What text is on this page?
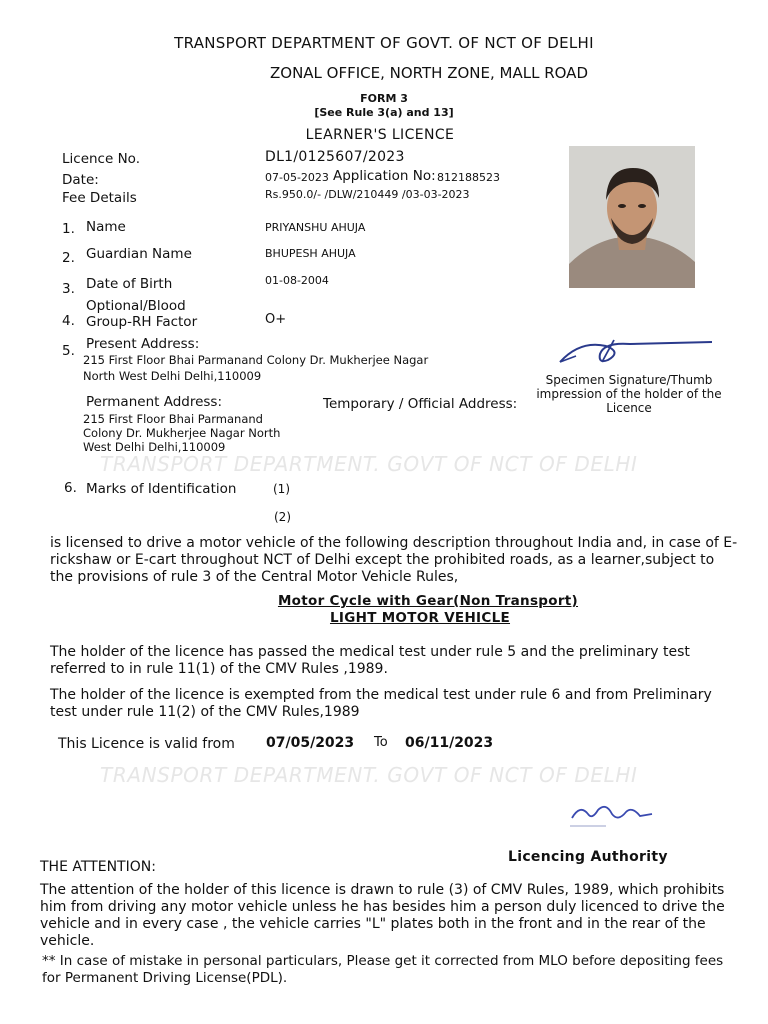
TRANSPORT DEPARTMENT OF GOVT. OF NCT OF DELHI
ZONAL OFFICE, NORTH ZONE, MALL ROAD
FORM 3
[See Rule 3(a) and 13]
LEARNER'S LICENCE
Licence No.	DL1/0125607/2023
Date:	07-05-2023 Application No: 812188523
Fee Details	Rs.950.0/- /DLW/210449 /03-03-2023
1. Name	PRIYANSHU AHUJA
2. Guardian Name	BHUPESH AHUJA
3. Date of Birth	01-08-2004
Optional/Blood
4. Group-RH Factor	O+
5. Present Address:
215 First Floor Bhai Parmanand Colony Dr. Mukherjee Nagar
North West Delhi Delhi,110009	Specimen Signature/Thumb impression of the holder of the Licence
Permanent Address:	Temporary / Official Address:
215 First Floor Bhai Parmanand
Colony Dr. Mukherjee Nagar North
West Delhi Delhi,110009
TRANSPORT DEPARTMENT. GOVT OF NCT OF DELHI
6. Marks of Identification	(1)
(2)
is licensed to drive a motor vehicle of the following description throughout India and, in case of E-rickshaw or E-cart throughout NCT of Delhi except the prohibited roads, as a learner,subject to the provisions of rule 3 of the Central Motor Vehicle Rules,
Motor Cycle with Gear(Non Transport)
LIGHT MOTOR VEHICLE
The holder of the licence has passed the medical test under rule 5 and the preliminary test referred to in rule 11(1) of the CMV Rules ,1989.
The holder of the licence is exempted from the medical test under rule 6 and from Preliminary test under rule 11(2) of the CMV Rules,1989
This Licence is valid from 07/05/2023 To 06/11/2023
TRANSPORT DEPARTMENT. GOVT OF NCT OF DELHI
Licencing Authority
THE ATTENTION:
The attention of the holder of this licence is drawn to rule (3) of CMV Rules, 1989, which prohibits him from driving any motor vehicle unless he has besides him a person duly licenced to drive the vehicle and in every case , the vehicle carries "L" plates both in the front and in the rear of the vehicle.
** In case of mistake in personal particulars, Please get it corrected from MLO before depositing fees for Permanent Driving License(PDL).
